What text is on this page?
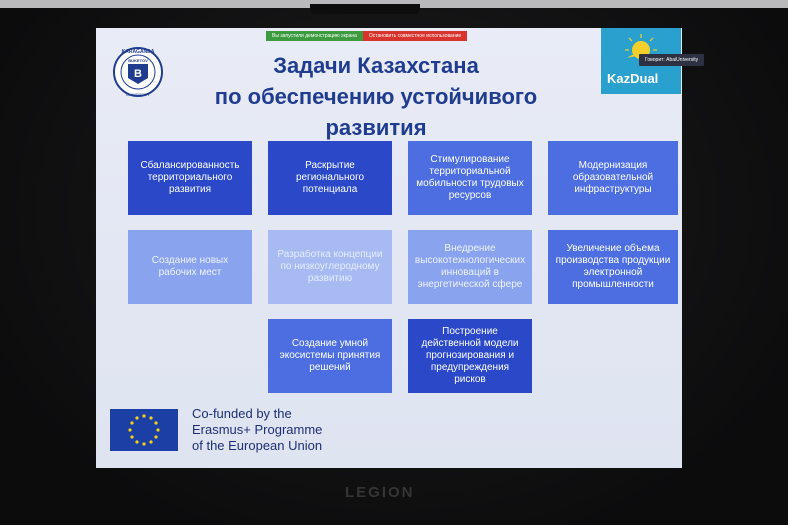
Вы запустили демонстрацию экрана	Остановить совместное использование
B
KARAGANDA
BUKETOV
UNIVERSITY
KazDual
Задачи Казахстана
по обеспечению устойчивого
развития
Сбалансированность территориального развития
Раскрытие регионального потенциала
Стимулирование территориальной мобильности трудовых ресурсов
Модернизация образовательной инфраструктуры
Создание новых рабочих мест
Разработка концепции по низкоуглеродному развитию
Внедрение высокотехнологических инноваций в энергетической сфере
Увеличение объема производства продукции электронной промышленности
Создание умной экосистемы принятия решений
Построение действенной модели прогнозирования и предупреждения рисков
Co-funded by the
Erasmus+ Programme
of the European Union
Говорит: AbaiUniversity
LEGION
